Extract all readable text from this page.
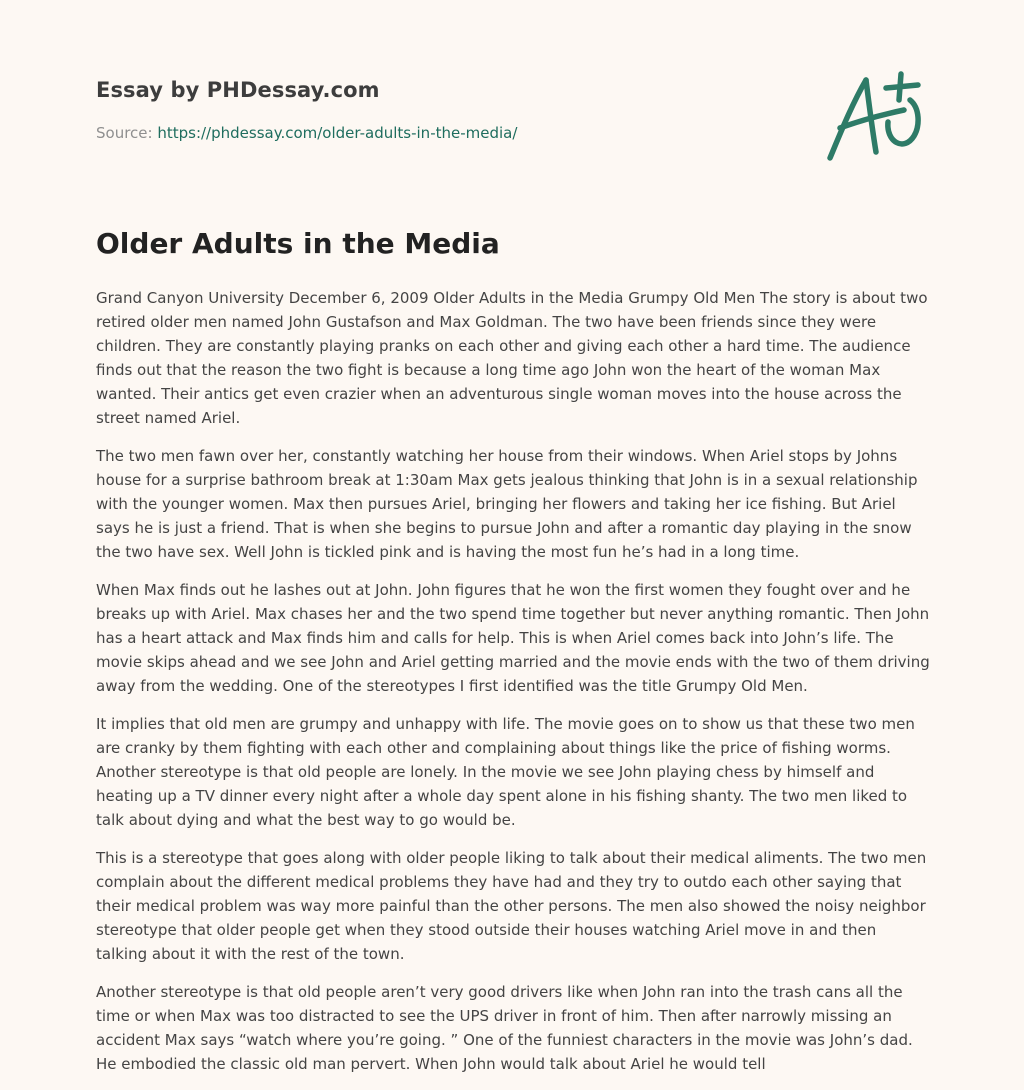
Essay by PHDessay.com
Source: https://phdessay.com/older-adults-in-the-media/
Older Adults in the Media

Grand Canyon University December 6, 2009 Older Adults in the Media Grumpy Old Men The story is about two retired older men named John Gustafson and Max Goldman. The two have been friends since they were children. They are constantly playing pranks on each other and giving each other a hard time. The audience finds out that the reason the two fight is because a long time ago John won the heart of the woman Max wanted. Their antics get even crazier when an adventurous single woman moves into the house across the street named Ariel.

The two men fawn over her, constantly watching her house from their windows. When Ariel stops by Johns house for a surprise bathroom break at 1:30am Max gets jealous thinking that John is in a sexual relationship with the younger women. Max then pursues Ariel, bringing her flowers and taking her ice fishing. But Ariel says he is just a friend. That is when she begins to pursue John and after a romantic day playing in the snow the two have sex. Well John is tickled pink and is having the most fun he’s had in a long time.

When Max finds out he lashes out at John. John figures that he won the first women they fought over and he breaks up with Ariel. Max chases her and the two spend time together but never anything romantic. Then John has a heart attack and Max finds him and calls for help. This is when Ariel comes back into John’s life. The movie skips ahead and we see John and Ariel getting married and the movie ends with the two of them driving away from the wedding. One of the stereotypes I first identified was the title Grumpy Old Men.

It implies that old men are grumpy and unhappy with life. The movie goes on to show us that these two men are cranky by them fighting with each other and complaining about things like the price of fishing worms. Another stereotype is that old people are lonely. In the movie we see John playing chess by himself and heating up a TV dinner every night after a whole day spent alone in his fishing shanty. The two men liked to talk about dying and what the best way to go would be.

This is a stereotype that goes along with older people liking to talk about their medical aliments. The two men complain about the different medical problems they have had and they try to outdo each other saying that their medical problem was way more painful than the other persons. The men also showed the noisy neighbor stereotype that older people get when they stood outside their houses watching Ariel move in and then talking about it with the rest of the town.

Another stereotype is that old people aren’t very good drivers like when John ran into the trash cans all the time or when Max was too distracted to see the UPS driver in front of him. Then after narrowly missing an accident Max says “watch where you’re going. ” One of the funniest characters in the movie was John’s dad. He embodied the classic old man pervert. When John would talk about Ariel he would tell
